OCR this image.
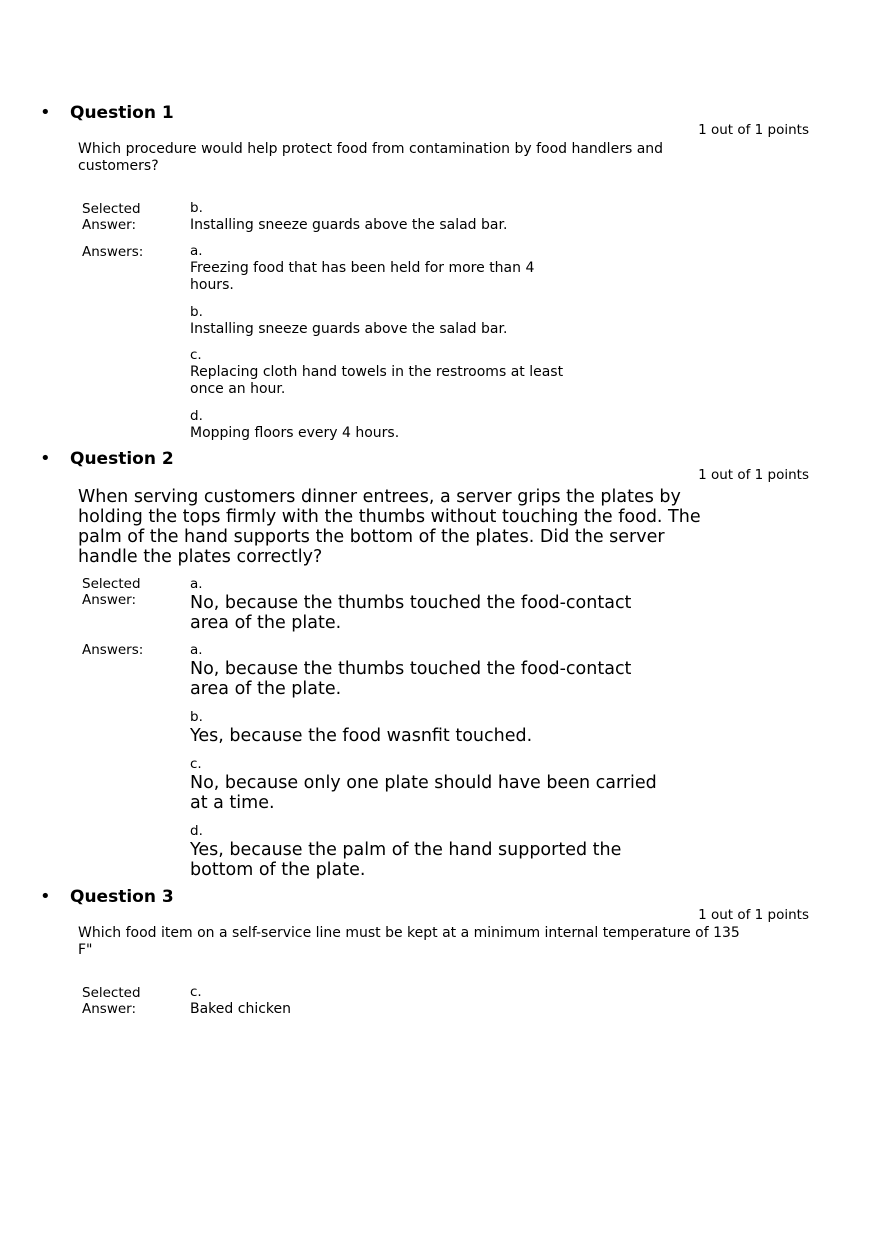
• Question 1
1 out of 1 points
Which procedure would help protect food from contamination by food handlers and customers?
Selected
Answer:
b.
Installing sneeze guards above the salad bar.
Answers:	a.
Freezing food that has been held for more than 4 hours.
b.
Installing sneeze guards above the salad bar.
c.
Replacing cloth hand towels in the restrooms at least once an hour.
d.
Mopping floors every 4 hours.
• Question 2
1 out of 1 points
When serving customers dinner entrees, a server grips the plates by holding the tops firmly with the thumbs without touching the food. The palm of the hand supports the bottom of the plates. Did the server handle the plates correctly?
Selected
Answer:
a.
No, because the thumbs touched the food-contact area of the plate.
Answers:	a.
No, because the thumbs touched the food-contact area of the plate.
b.
Yes, because the food wasnfit touched.
c.
No, because only one plate should have been carried at a time.
d.
Yes, because the palm of the hand supported the bottom of the plate.
• Question 3
1 out of 1 points
Which food item on a self-service line must be kept at a minimum internal temperature of 135 F"
Selected
Answer:
c.
Baked chicken
